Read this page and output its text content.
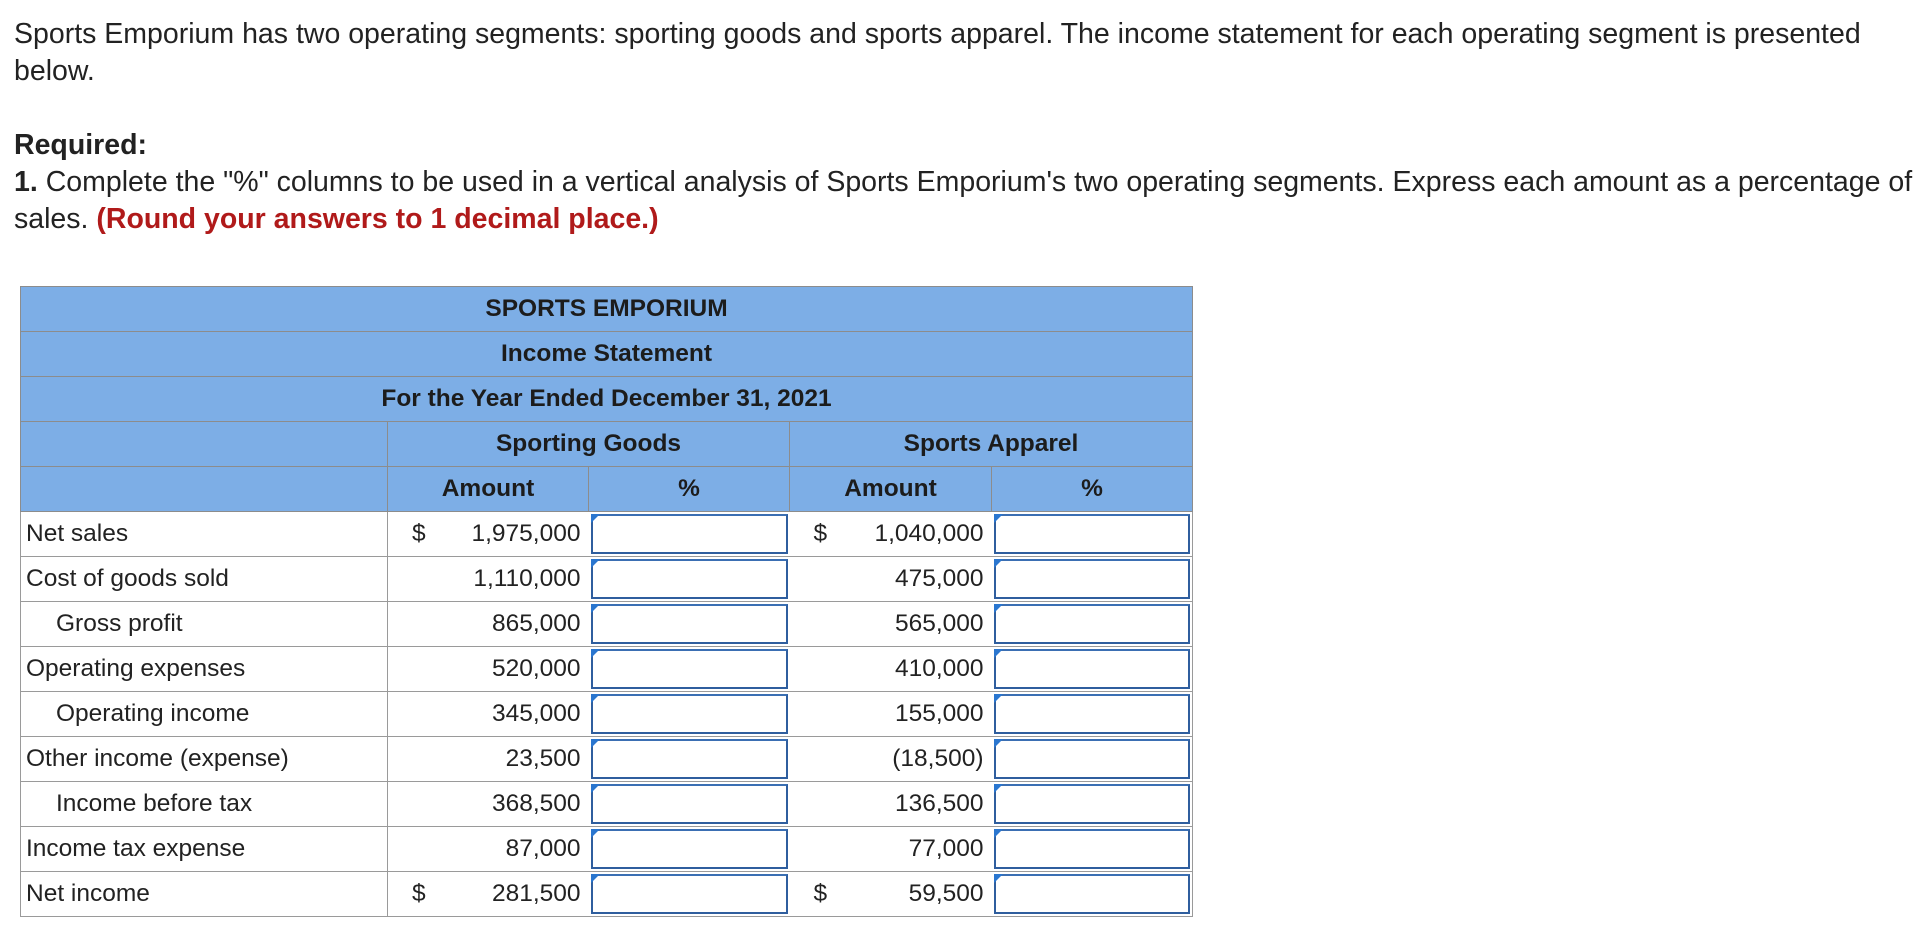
Sports Emporium has two operating segments: sporting goods and sports apparel. The income statement for each operating segment is presented below.

Required:
1. Complete the "%" columns to be used in a vertical analysis of Sports Emporium's two operating segments. Express each amount as a percentage of sales. (Round your answers to 1 decimal place.)
SPORTS EMPORIUM				
Income Statement				
For the Year Ended December 31, 2021				
	Sporting Goods		Sports Apparel	
	Amount	%	Amount	%
Net sales	$ 1,975,000		$ 1,040,000	

Cost of goods sold	1,110,000		475,000	

Gross profit	865,000		565,000	

Operating expenses	520,000		410,000	

Operating income	345,000		155,000	

Other income (expense)	23,500		(18,500)	

Income before tax	368,500		136,500	

Income tax expense	87,000		77,000	

Net income	$ 281,500		$ 59,500	
